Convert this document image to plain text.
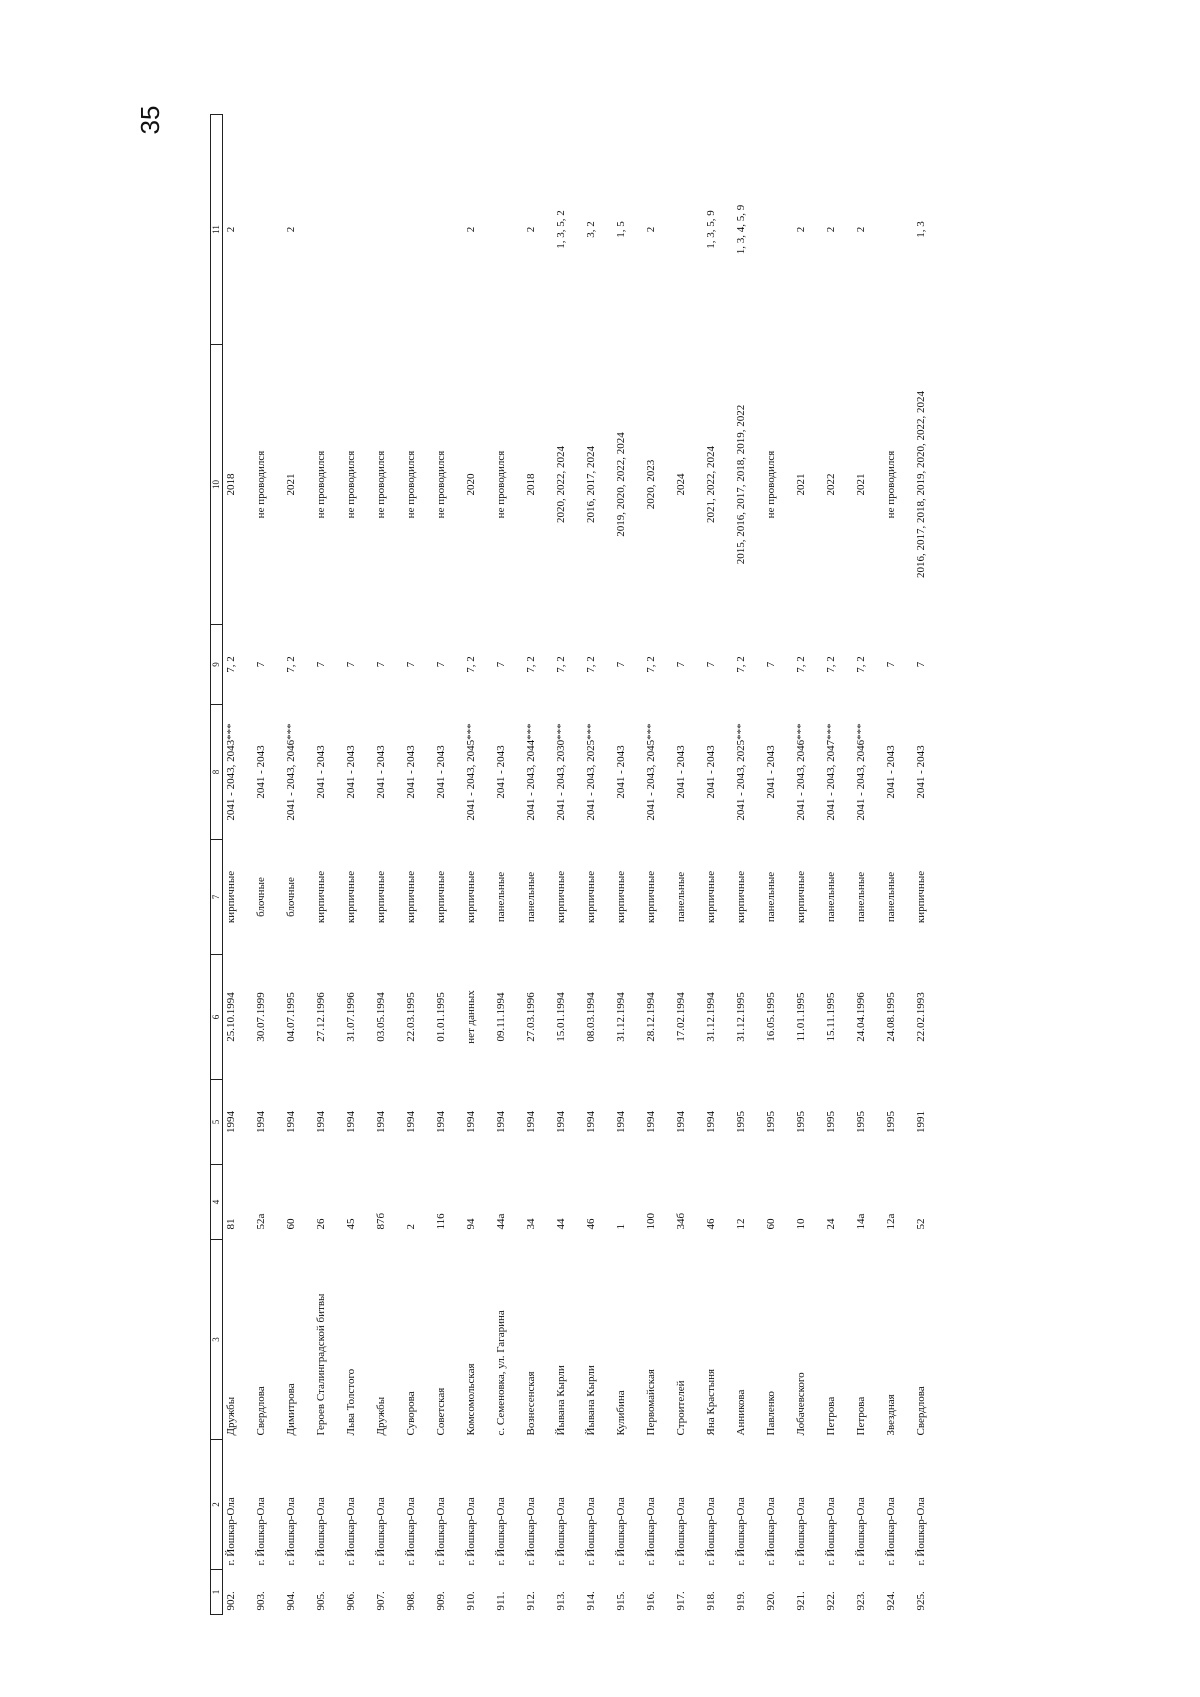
35
1	2	3	4	5	6	7	8	9	10	11
902.	г. Йошкар-Ола	Дружбы	81	1994	25.10.1994	кирпичные	2041 - 2043, 2043***	7, 2	2018	2
903.	г. Йошкар-Ола	Свердлова	52а	1994	30.07.1999	блочные	2041 - 2043	7	не проводился	
904.	г. Йошкар-Ола	Димитрова	60	1994	04.07.1995	блочные	2041 - 2043, 2046***	7, 2	2021	2
905.	г. Йошкар-Ола	Героев Сталинградской битвы	26	1994	27.12.1996	кирпичные	2041 - 2043	7	не проводился	
906.	г. Йошкар-Ола	Льва Толстого	45	1994	31.07.1996	кирпичные	2041 - 2043	7	не проводился	
907.	г. Йошкар-Ола	Дружбы	87б	1994	03.05.1994	кирпичные	2041 - 2043	7	не проводился	
908.	г. Йошкар-Ола	Суворова	2	1994	22.03.1995	кирпичные	2041 - 2043	7	не проводился	
909.	г. Йошкар-Ола	Советская	116	1994	01.01.1995	кирпичные	2041 - 2043	7	не проводился	
910.	г. Йошкар-Ола	Комсомольская	94	1994	нет данных	кирпичные	2041 - 2043, 2045***	7, 2	2020	2
911.	г. Йошкар-Ола	с. Семеновка, ул. Гагарина	44а	1994	09.11.1994	панельные	2041 - 2043	7	не проводился	
912.	г. Йошкар-Ола	Вознесенская	34	1994	27.03.1996	панельные	2041 - 2043, 2044***	7, 2	2018	2
913.	г. Йошкар-Ола	Йывана Кырли	44	1994	15.01.1994	кирпичные	2041 - 2043, 2030***	7, 2	2020, 2022, 2024	1, 3, 5, 2
914.	г. Йошкар-Ола	Йывана Кырли	46	1994	08.03.1994	кирпичные	2041 - 2043, 2025***	7, 2	2016, 2017, 2024	3, 2
915.	г. Йошкар-Ола	Кулибина	1	1994	31.12.1994	кирпичные	2041 - 2043	7	2019, 2020, 2022, 2024	1, 5
916.	г. Йошкар-Ола	Первомайская	100	1994	28.12.1994	кирпичные	2041 - 2043, 2045***	7, 2	2020, 2023	2
917.	г. Йошкар-Ола	Строителей	34б	1994	17.02.1994	панельные	2041 - 2043	7	2024	
918.	г. Йошкар-Ола	Яна Крастыня	46	1994	31.12.1994	кирпичные	2041 - 2043	7	2021, 2022, 2024	1, 3, 5, 9
919.	г. Йошкар-Ола	Анникова	12	1995	31.12.1995	кирпичные	2041 - 2043, 2025***	7, 2	2015, 2016, 2017, 2018, 2019, 2022	1, 3, 4, 5, 9
920.	г. Йошкар-Ола	Павленко	60	1995	16.05.1995	панельные	2041 - 2043	7	не проводился	
921.	г. Йошкар-Ола	Лобачевского	10	1995	11.01.1995	кирпичные	2041 - 2043, 2046***	7, 2	2021	2
922.	г. Йошкар-Ола	Петрова	24	1995	15.11.1995	панельные	2041 - 2043, 2047***	7, 2	2022	2
923.	г. Йошкар-Ола	Петрова	14а	1995	24.04.1996	панельные	2041 - 2043, 2046***	7, 2	2021	2
924.	г. Йошкар-Ола	Звездная	12а	1995	24.08.1995	панельные	2041 - 2043	7	не проводился	
925.	г. Йошкар-Ола	Свердлова	52	1991	22.02.1993	кирпичные	2041 - 2043	7	2016, 2017, 2018, 2019, 2020, 2022, 2024	1, 3
